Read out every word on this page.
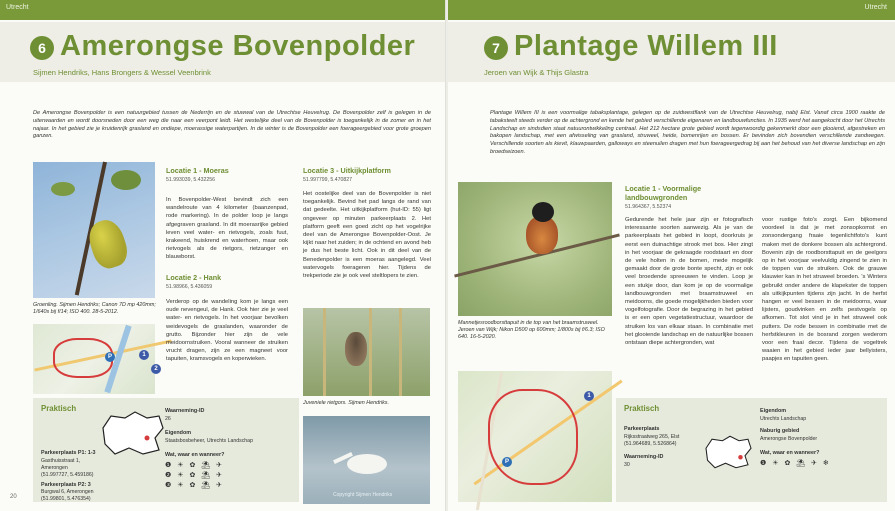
Utrecht
6 Amerongse Bovenpolder
Sijmen Hendriks, Hans Brongers & Wessel Veenbrink

De Amerongse Bovenpolder is een natuurgebied tussen de Nederrijn en de stuwwal van de Utrechtse Heuvelrug. De Bovenpolder zelf is gelegen in de uiterwaarden en wordt doorsneden door een weg die naar een veerpont leidt. Het westelijke deel van de Bovenpolder is toegankelijk in de zomer en in het najaar. In het gebied zie je kruidenrijk grasland en ondiepe, moerassige waterpartijen. In de winter is de Bovenpolder een foerageergebied voor grote groepen ganzen.

Groenling. Sijmen Hendriks; Canon 7D mp 420mm; 1/640s bij f/14; ISO 400. 28-5-2012.
1
2
P
Locatie 1 - Moeras
51.993039, 5.432256

In Bovenpolder-West bevindt zich een wandelroute van 4 kilometer (baanzenpad, rode markering). In de polder loop je langs afgegraven grasland. In dit moerasrijke gebied leven veel water- en rietvogels, zoals fuut, krakeend, huiskrend en waterhoen, maar ook rietvogels als de rietgors, rietzanger en blauwborst.

Locatie 2 - Hank
51.98966, 5.436059

Verderop op de wandeling kom je langs een oude nevengeul, de Hank. Ook hier zie je veel water- en rietvogels. In het voorjaar bevolken weidevogels de graslanden, waaronder de grutto. Bijzonder hier zijn de vele meidoornstruiken. Vooral wanneer de struiken vrucht dragen, zijn ze een magneet voor tapuiten, kramsvogels en koperwieken.

Locatie 3 - Uitkijkplatform
51.997799, 5.470827

Het oostelijke deel van de Bovenpolder is niet toegankelijk. Bevind het pad langs de rand van dat gedeelte. Het uitkijkplatform (hut-ID: 55) ligt ongeveer op minuten parkeerplaats 2. Het platform geeft een goed zicht op het vogelrijke deel van de Amerongse Bovenpolder-Oost. Je kijkt naar het zuiden; in de ochtend en avond heb je dus het beste licht. Ook in dit deel van de Benedenpolder is een moeras aangelegd. Veel watervogels foerageren hier. Tijdens de trekperiode zie je ook veel steltlopers te zien.

Praktisch
Parkeerplaats P1: 1-3
Gasthuisstraat 1,
Amerongen
(51.997727, 5.459186)
Parkeerplaats P2: 3
Burgwal 6, Amerongen
(51.99801, 5.476354)
Waarneming-ID
26
Eigendom
Staatsbosbeheer, Utrechts Landschap
Wat, waar en wanneer?
❶ ☀ ✿ ⛱ ✈
❷ ☀ ✿ ⛱ ✈
❸ ☀ ✿ ⛱ ✈
Juveniele rietgors. Sijmen Hendriks.
Copyright Sijmen Hendriks
20
Utrecht
7 Plantage Willem III
Jeroen van Wijk & Thijs Glastra

Plantage Willem III is een voormalige tabaksplantage, gelegen op de zuidwestflank van de Utrechtse Heuvelrug, nabij Elst. Vanaf circa 1900 raakte de tabaksteelt steeds verder op de achtergrond en kende het gebied verschillende eigenaren en landbouwfuncties. In 1935 werd het aangekocht door het Utrechts Landschap en sindsdien staat natuurontwikkeling centraal. Het 212 hectare grote gebied wordt tegenwoordig gekenmerkt door een glooiend, afgestreken en bakopen landschap, met een afwisseling van grasland, struweel, heide, bomenrijen en bossen. Er bevinden zich bovendien verschillende zandwegen. Verschillende soorten als kievit, klauwpaarden, galloways en steenuilen dragen met hun foerageergedrag bij aan het behoud van het diverse landschap en zijn broedseizoen.

Mannetjesroodborsttapuit in de top van het braamstruweel. Jeroen van Wijk; Nikon D500 op 600mm; 1/800s bij f/6.3; ISO 640. 16-5-2020.
1
P
Locatie 1 - Voormalige
landbouwgronden
51.964367, 5.52374

Gedurende het hele jaar zijn er fotografisch interessante soorten aanwezig. Als je van de parkeerplaats het gebied in loopt, doorkruis je eerst een duinachtige strook met bos. Hier zingt in het voorjaar de gekraagde roodstaart en door de vele holten in de bomen, mede mogelijk gemaakt door de grote bonte specht, zijn er ook veel broedende spreeuwen te vinden. Loop je een stukje door, dan kom je op de voormalige landbouwgronden met braamstruweel en meidoorns, die goede mogelijkheden bieden voor vogelfotografie. Door de begrazing in het gebied is er een open vegetatiestructuur, waardoor de struiken los van elkaar staan. In combinatie met het glooiende landschap en de natuurlijke bossen ontstaan diepe achtergronden, wat

voor rustige foto's zorgt. Een bijkomend voordeel is dat je met zonsopkomst en zonsondergang fraaie tegenlichtfoto's kunt maken met de donkere bossen als achtergrond. Bovenin zijn de roodborsttapuit en de geelgors op in het voorjaar veelvuldig zingend te zien in de toppen van de struiken. Ook de grauwe klauwier kan in het struweel broeden. 's Winters gebruikt onder andere de klapekster de toppen als uitkijkpunten tijdens zijn jacht. In de herfst hangen er veel bessen in de meidoorns, waar lijsters, goudvinken en zelfs pestvogels op afkomen. Tot slot vind je in het struweel ook putters. De rode bessen in combinatie met de herfstkleuren in de bosrand zorgen wederom voor een fraai decor. Tijdens de vogeltrek waaien in het gebied ieder jaar bellyisters, paapjes en tapuiten geen.

Praktisch
Parkeerplaats
Rijksstraatweg 265, Elst
(51.964689, 5.526864)
Waarneming-ID
30
Eigendom
Utrechts Landschap
Naburig gebied
Amerongse Bovenpolder
Wat, waar en wanneer?
❶ ☀ ✿ ⛱ ✈ ❄
